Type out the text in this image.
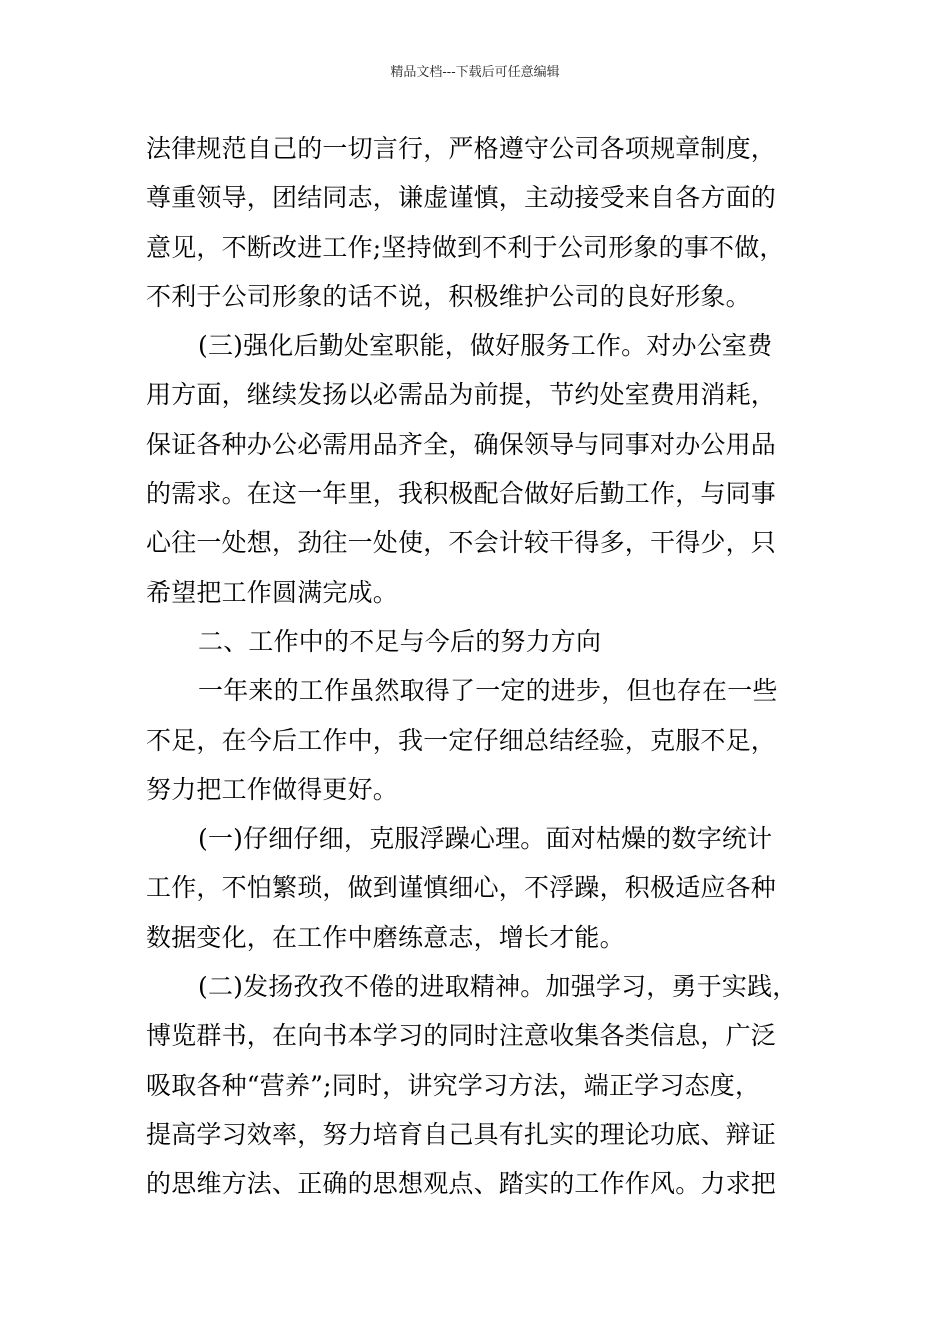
精品文档---下载后可任意编辑
法律规范自己的一切言行，严格遵守公司各项规章制度，
尊重领导，团结同志，谦虚谨慎，主动接受来自各方面的
意见，不断改进工作;坚持做到不利于公司形象的事不做，
不利于公司形象的话不说，积极维护公司的良好形象。
(三)强化后勤处室职能，做好服务工作。对办公室费
用方面，继续发扬以必需品为前提，节约处室费用消耗，
保证各种办公必需用品齐全，确保领导与同事对办公用品
的需求。在这一年里，我积极配合做好后勤工作，与同事
心往一处想，劲往一处使，不会计较干得多，干得少，只
希望把工作圆满完成。
二、工作中的不足与今后的努力方向
一年来的工作虽然取得了一定的进步，但也存在一些
不足，在今后工作中，我一定仔细总结经验，克服不足，
努力把工作做得更好。
(一)仔细仔细，克服浮躁心理。面对枯燥的数字统计
工作，不怕繁琐，做到谨慎细心，不浮躁，积极适应各种
数据变化，在工作中磨练意志，增长才能。
(二)发扬孜孜不倦的进取精神。加强学习，勇于实践，
博览群书，在向书本学习的同时注意收集各类信息，广泛
吸取各种“营养”;同时，讲究学习方法，端正学习态度，
提高学习效率，努力培育自己具有扎实的理论功底、辩证
的思维方法、正确的思想观点、踏实的工作作风。力求把
